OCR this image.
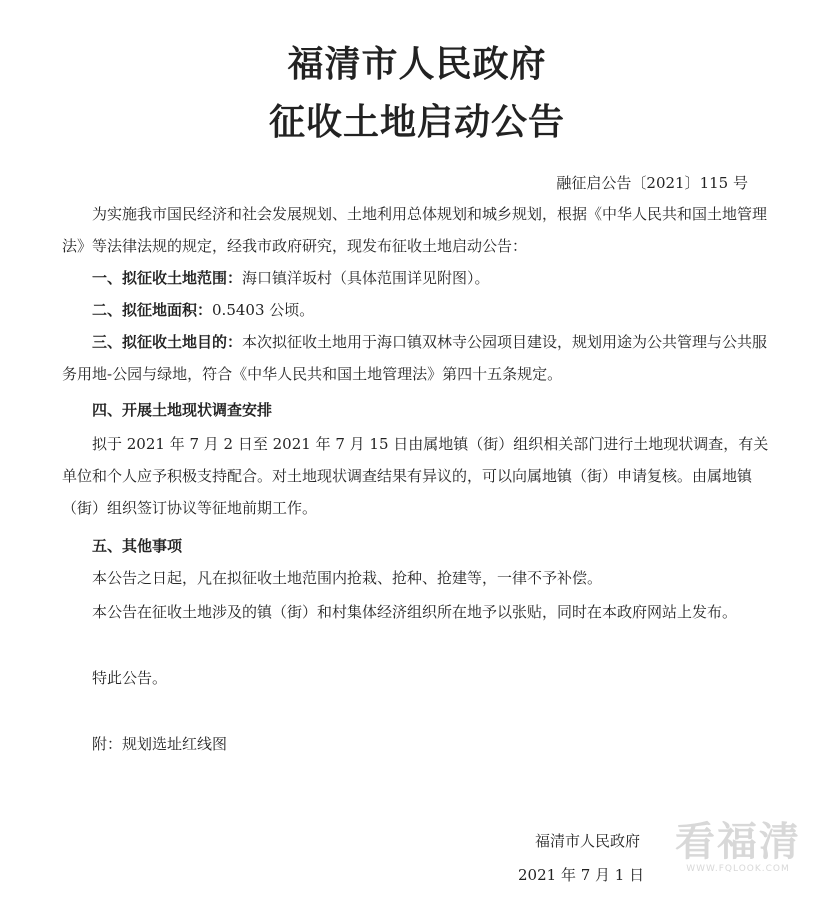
福清市人民政府
征收土地启动公告
融征启公告〔2021〕115 号

为实施我市国民经济和社会发展规划、土地利用总体规划和城乡规划，根据《中华人民共和国土地管理法》等法律法规的规定，经我市政府研究，现发布征收土地启动公告：

一、拟征收土地范围：海口镇洋坂村（具体范围详见附图）。

二、拟征地面积：0.5403 公顷。

三、拟征收土地目的：本次拟征收土地用于海口镇双林寺公园项目建设，规划用途为公共管理与公共服务用地-公园与绿地，符合《中华人民共和国土地管理法》第四十五条规定。

四、开展土地现状调查安排

拟于 2021 年 7 月 2 日至 2021 年 7 月 15 日由属地镇（街）组织相关部门进行土地现状调查，有关单位和个人应予积极支持配合。对土地现状调查结果有异议的，可以向属地镇（街）申请复核。由属地镇（街）组织签订协议等征地前期工作。

五、其他事项

本公告之日起，凡在拟征收土地范围内抢栽、抢种、抢建等，一律不予补偿。

本公告在征收土地涉及的镇（街）和村集体经济组织所在地予以张贴，同时在本政府网站上发布。

特此公告。

附：规划选址红线图

福清市人民政府
2021 年 7 月 1 日
看福清
WWW.FQLOOK.COM
